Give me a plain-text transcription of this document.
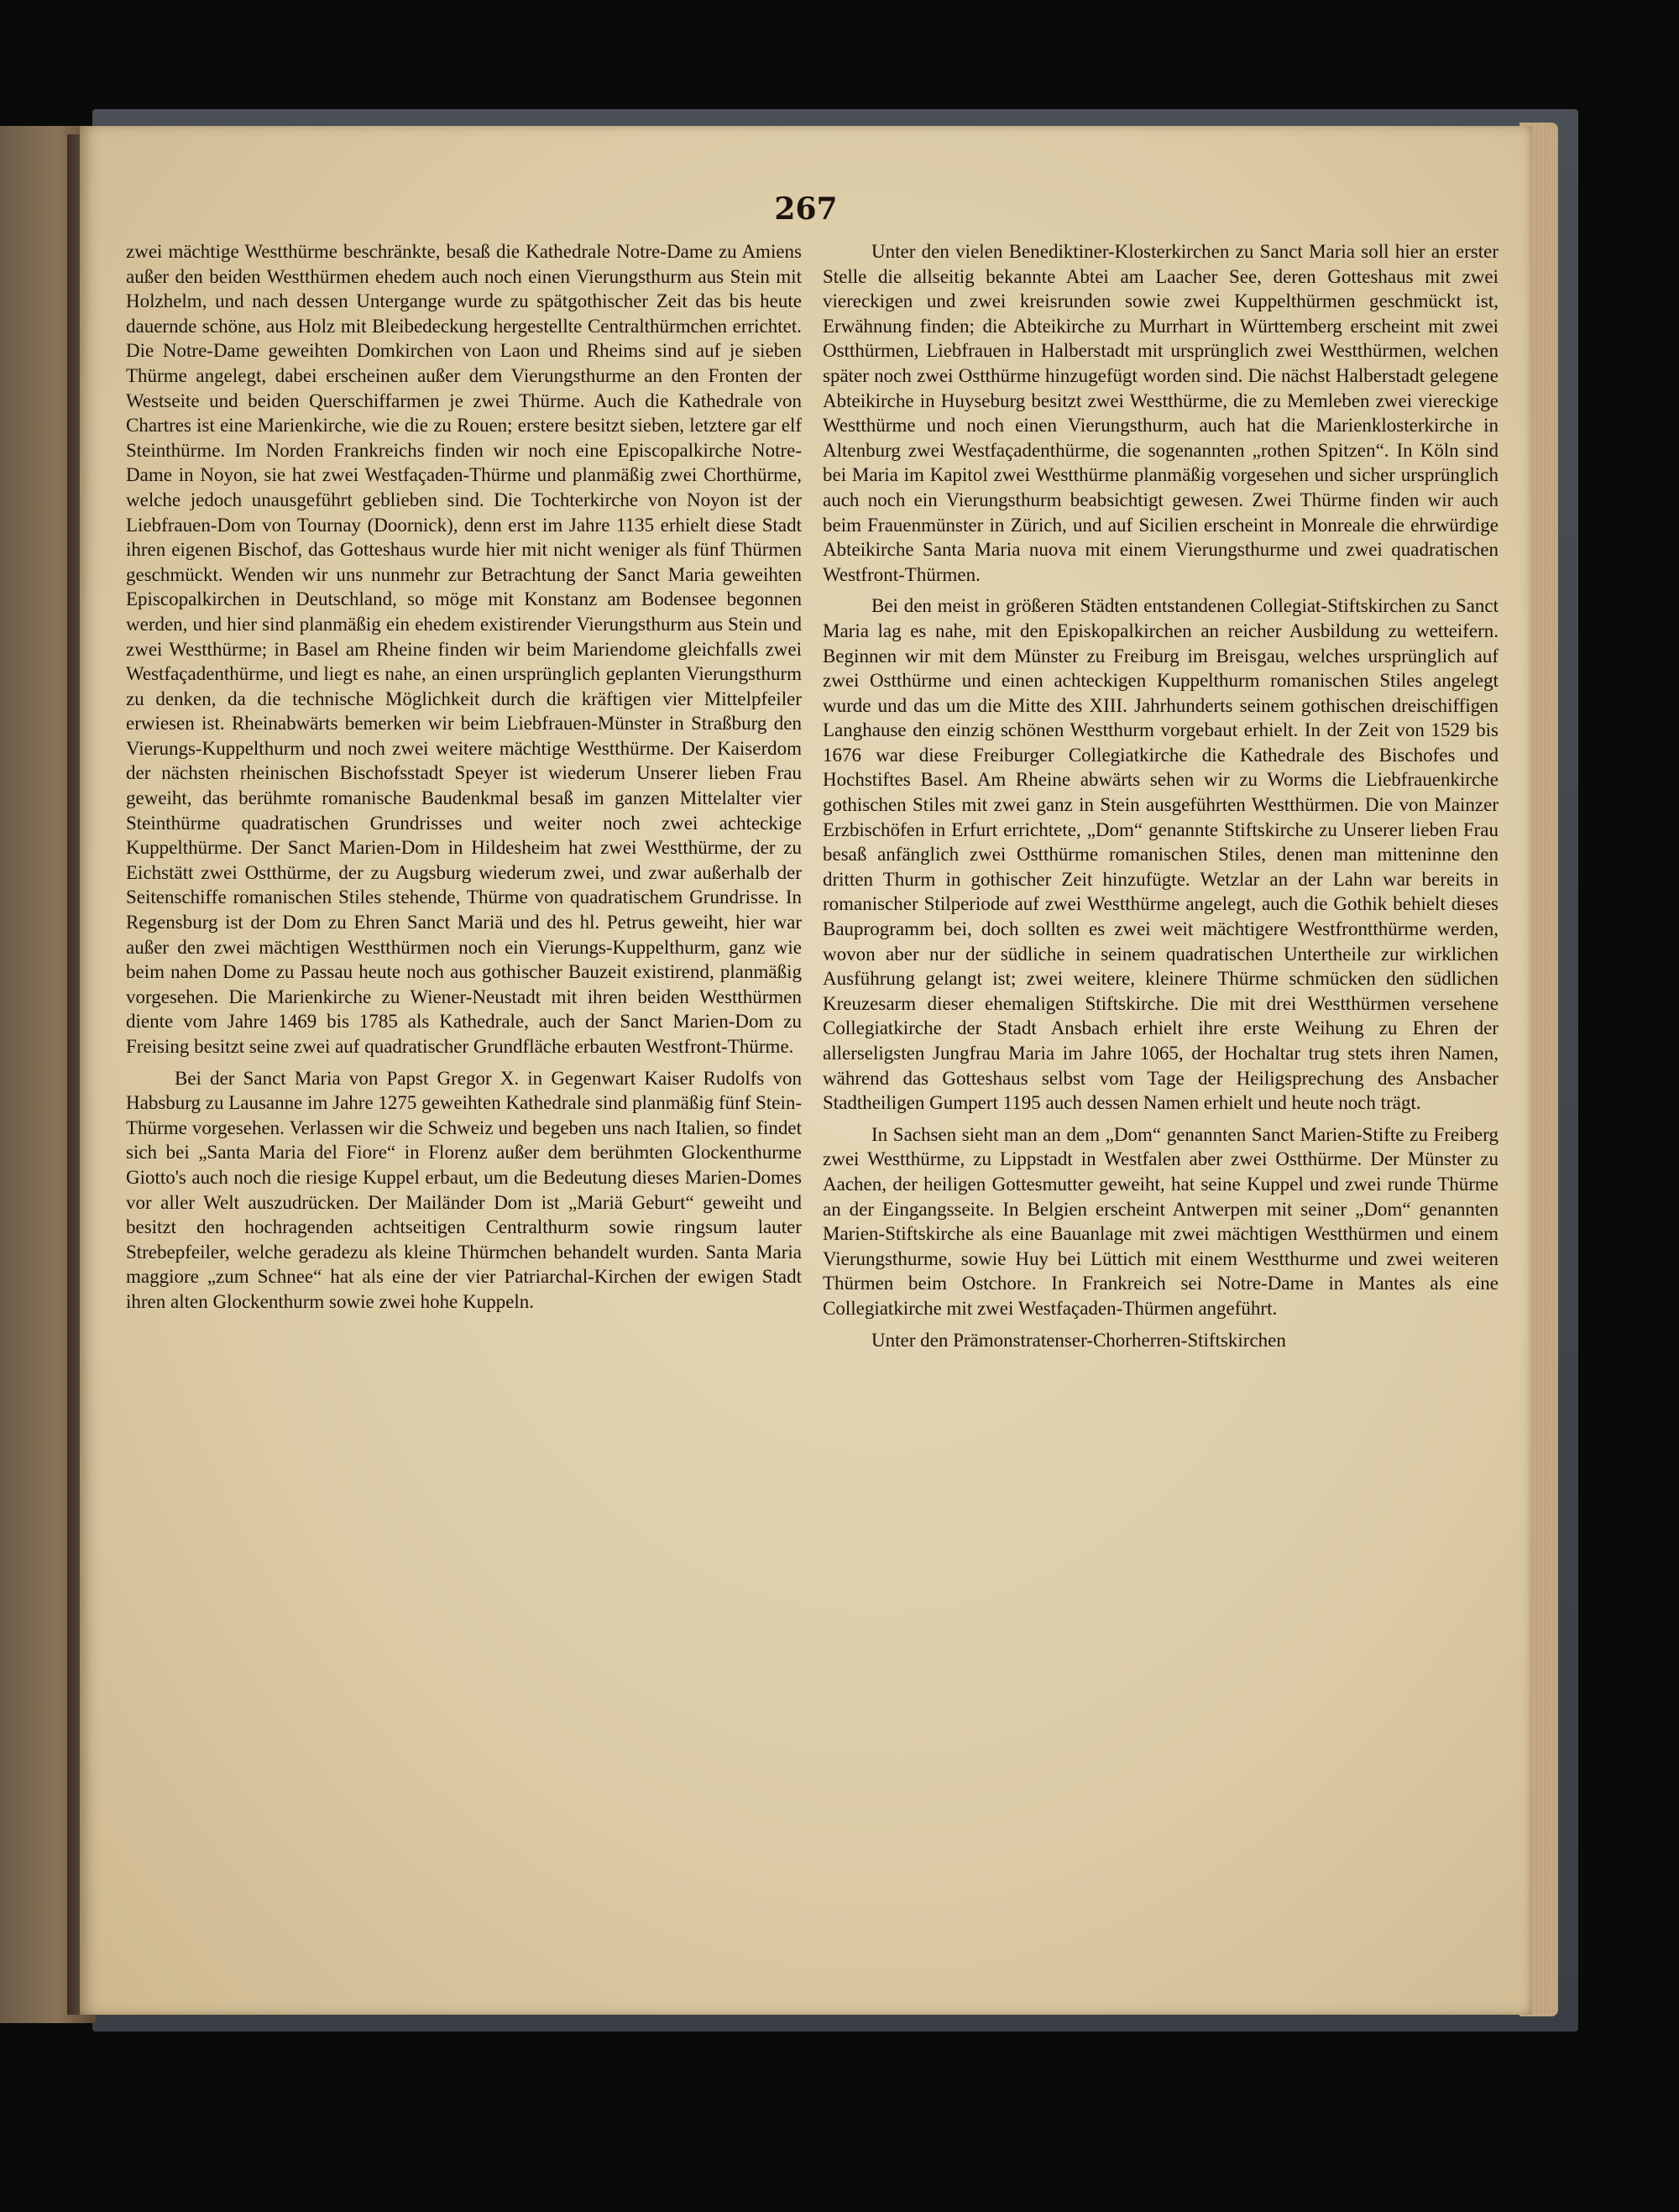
267

zwei mächtige Westthürme beschränkte, besaß die Kathedrale Notre-Dame zu Amiens außer den beiden Westthürmen ehedem auch noch einen Vierungsthurm aus Stein mit Holzhelm, und nach dessen Untergange wurde zu spätgothischer Zeit das bis heute dauernde schöne, aus Holz mit Bleibedeckung hergestellte Centralthürmchen errichtet. Die Notre-Dame geweihten Domkirchen von Laon und Rheims sind auf je sieben Thürme angelegt, dabei erscheinen außer dem Vierungsthurme an den Fronten der Westseite und beiden Querschiffarmen je zwei Thürme. Auch die Kathedrale von Chartres ist eine Marienkirche, wie die zu Rouen; erstere besitzt sieben, letztere gar elf Steinthürme. Im Norden Frankreichs finden wir noch eine Episcopalkirche Notre-Dame in Noyon, sie hat zwei Westfaçaden-Thürme und planmäßig zwei Chorthürme, welche jedoch unausgeführt geblieben sind. Die Tochterkirche von Noyon ist der Liebfrauen-Dom von Tournay (Doornick), denn erst im Jahre 1135 erhielt diese Stadt ihren eigenen Bischof, das Gotteshaus wurde hier mit nicht weniger als fünf Thürmen geschmückt. Wenden wir uns nunmehr zur Betrachtung der Sanct Maria geweihten Episcopalkirchen in Deutschland, so möge mit Konstanz am Bodensee begonnen werden, und hier sind planmäßig ein ehedem existirender Vierungsthurm aus Stein und zwei Westthürme; in Basel am Rheine finden wir beim Mariendome gleichfalls zwei Westfaçadenthürme, und liegt es nahe, an einen ursprünglich geplanten Vierungsthurm zu denken, da die technische Möglichkeit durch die kräftigen vier Mittelpfeiler erwiesen ist. Rheinabwärts bemerken wir beim Liebfrauen-Münster in Straßburg den Vierungs-Kuppelthurm und noch zwei weitere mächtige Westthürme. Der Kaiserdom der nächsten rheinischen Bischofsstadt Speyer ist wiederum Unserer lieben Frau geweiht, das berühmte romanische Baudenkmal besaß im ganzen Mittelalter vier Steinthürme quadratischen Grundrisses und weiter noch zwei achteckige Kuppelthürme. Der Sanct Marien-Dom in Hildesheim hat zwei Westthürme, der zu Eichstätt zwei Ostthürme, der zu Augsburg wiederum zwei, und zwar außerhalb der Seitenschiffe romanischen Stiles stehende, Thürme von quadratischem Grundrisse. In Regensburg ist der Dom zu Ehren Sanct Mariä und des hl. Petrus geweiht, hier war außer den zwei mächtigen Westthürmen noch ein Vierungs-Kuppelthurm, ganz wie beim nahen Dome zu Passau heute noch aus gothischer Bauzeit existirend, planmäßig vorgesehen. Die Marienkirche zu Wiener-Neustadt mit ihren beiden Westthürmen diente vom Jahre 1469 bis 1785 als Kathedrale, auch der Sanct Marien-Dom zu Freising besitzt seine zwei auf quadratischer Grundfläche erbauten Westfront-Thürme.

Bei der Sanct Maria von Papst Gregor X. in Gegenwart Kaiser Rudolfs von Habsburg zu Lausanne im Jahre 1275 geweihten Kathedrale sind planmäßig fünf Stein-Thürme vorgesehen. Verlassen wir die Schweiz und begeben uns nach Italien, so findet sich bei „Santa Maria del Fiore“ in Florenz außer dem berühmten Glockenthurme Giotto's auch noch die riesige Kuppel erbaut, um die Bedeutung dieses Marien-Domes vor aller Welt auszudrücken. Der Mailänder Dom ist „Mariä Geburt“ geweiht und besitzt den hochragenden achtseitigen Centralthurm sowie ringsum lauter Strebepfeiler, welche geradezu als kleine Thürmchen behandelt wurden. Santa Maria maggiore „zum Schnee“ hat als eine der vier Patriarchal-Kirchen der ewigen Stadt ihren alten Glockenthurm sowie zwei hohe Kuppeln.

Unter den vielen Benediktiner-Klosterkirchen zu Sanct Maria soll hier an erster Stelle die allseitig bekannte Abtei am Laacher See, deren Gotteshaus mit zwei viereckigen und zwei kreisrunden sowie zwei Kuppelthürmen geschmückt ist, Erwähnung finden; die Abteikirche zu Murrhart in Württemberg erscheint mit zwei Ostthürmen, Liebfrauen in Halberstadt mit ursprünglich zwei Westthürmen, welchen später noch zwei Ostthürme hinzugefügt worden sind. Die nächst Halberstadt gelegene Abteikirche in Huyseburg besitzt zwei Westthürme, die zu Memleben zwei viereckige Westthürme und noch einen Vierungsthurm, auch hat die Marienklosterkirche in Altenburg zwei Westfaçadenthürme, die sogenannten „rothen Spitzen“. In Köln sind bei Maria im Kapitol zwei Westthürme planmäßig vorgesehen und sicher ursprünglich auch noch ein Vierungsthurm beabsichtigt gewesen. Zwei Thürme finden wir auch beim Frauenmünster in Zürich, und auf Sicilien erscheint in Monreale die ehrwürdige Abteikirche Santa Maria nuova mit einem Vierungsthurme und zwei quadratischen Westfront-Thürmen.

Bei den meist in größeren Städten entstandenen Collegiat-Stiftskirchen zu Sanct Maria lag es nahe, mit den Episkopalkirchen an reicher Ausbildung zu wetteifern. Beginnen wir mit dem Münster zu Freiburg im Breisgau, welches ursprünglich auf zwei Ostthürme und einen achteckigen Kuppelthurm romanischen Stiles angelegt wurde und das um die Mitte des XIII. Jahrhunderts seinem gothischen dreischiffigen Langhause den einzig schönen Westthurm vorgebaut erhielt. In der Zeit von 1529 bis 1676 war diese Freiburger Collegiatkirche die Kathedrale des Bischofes und Hochstiftes Basel. Am Rheine abwärts sehen wir zu Worms die Liebfrauenkirche gothischen Stiles mit zwei ganz in Stein ausgeführten Westthürmen. Die von Mainzer Erzbischöfen in Erfurt errichtete, „Dom“ genannte Stiftskirche zu Unserer lieben Frau besaß anfänglich zwei Ostthürme romanischen Stiles, denen man mitteninne den dritten Thurm in gothischer Zeit hinzufügte. Wetzlar an der Lahn war bereits in romanischer Stilperiode auf zwei Westthürme angelegt, auch die Gothik behielt dieses Bauprogramm bei, doch sollten es zwei weit mächtigere Westfrontthürme werden, wovon aber nur der südliche in seinem quadratischen Untertheile zur wirklichen Ausführung gelangt ist; zwei weitere, kleinere Thürme schmücken den südlichen Kreuzesarm dieser ehemaligen Stiftskirche. Die mit drei Westthürmen versehene Collegiatkirche der Stadt Ansbach erhielt ihre erste Weihung zu Ehren der allerseligsten Jungfrau Maria im Jahre 1065, der Hochaltar trug stets ihren Namen, während das Gotteshaus selbst vom Tage der Heiligsprechung des Ansbacher Stadtheiligen Gumpert 1195 auch dessen Namen erhielt und heute noch trägt.

In Sachsen sieht man an dem „Dom“ genannten Sanct Marien-Stifte zu Freiberg zwei Westthürme, zu Lippstadt in Westfalen aber zwei Ostthürme. Der Münster zu Aachen, der heiligen Gottesmutter geweiht, hat seine Kuppel und zwei runde Thürme an der Eingangsseite. In Belgien erscheint Antwerpen mit seiner „Dom“ genannten Marien-Stiftskirche als eine Bauanlage mit zwei mächtigen Westthürmen und einem Vierungsthurme, sowie Huy bei Lüttich mit einem Westthurme und zwei weiteren Thürmen beim Ostchore. In Frankreich sei Notre-Dame in Mantes als eine Collegiatkirche mit zwei Westfaçaden-Thürmen angeführt.

Unter den Prämonstratenser-Chorherren-Stiftskirchen
